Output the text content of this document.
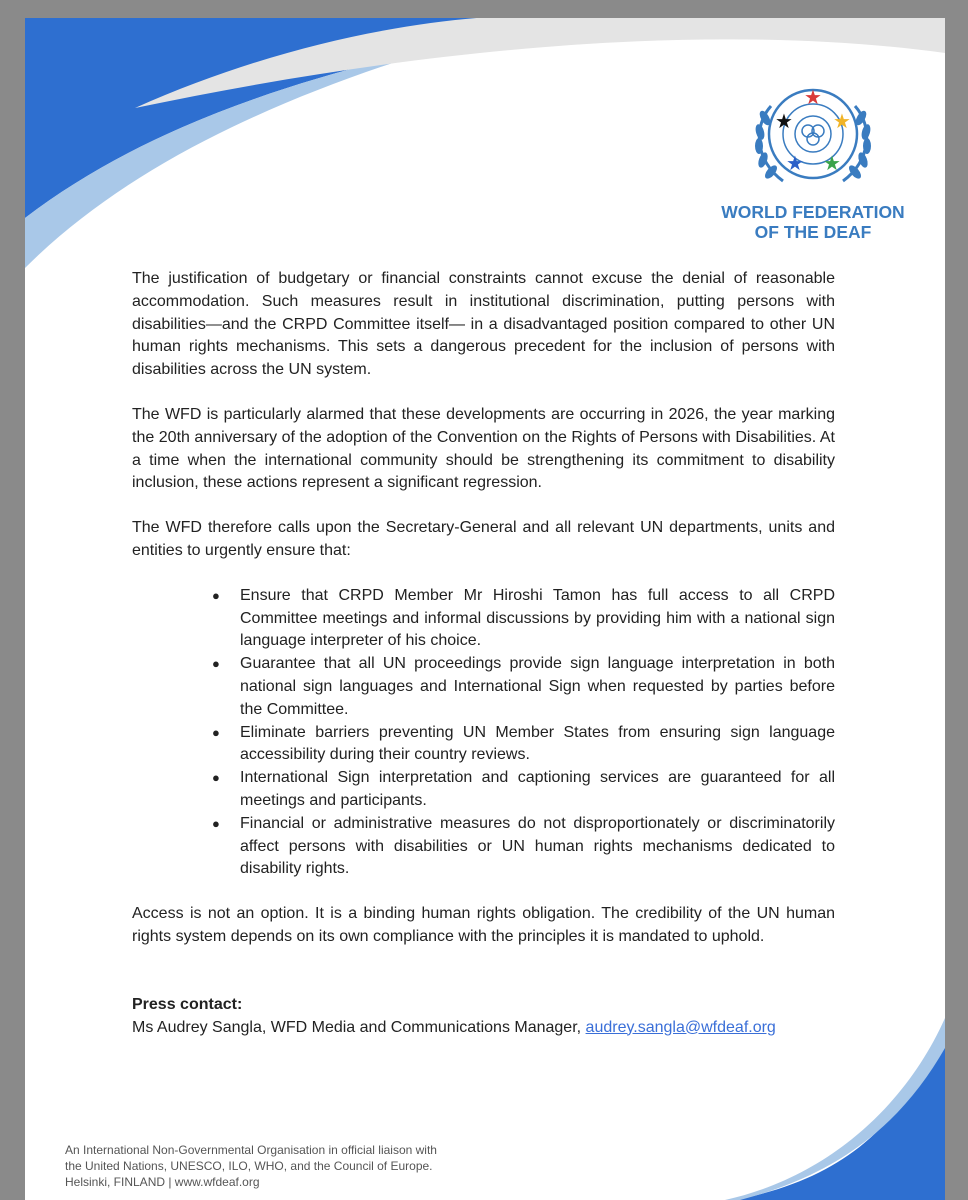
★
★ ★
★ ★
WORLD FEDERATION
OF THE DEAF

The justification of budgetary or financial constraints cannot excuse the denial of reasonable accommodation. Such measures result in institutional discrimination, putting persons with disabilities—and the CRPD Committee itself— in a disadvantaged position compared to other UN human rights mechanisms. This sets a dangerous precedent for the inclusion of persons with disabilities across the UN system.

The WFD is particularly alarmed that these developments are occurring in 2026, the year marking the 20th anniversary of the adoption of the Convention on the Rights of Persons with Disabilities. At a time when the international community should be strengthening its commitment to disability inclusion, these actions represent a significant regression.

The WFD therefore calls upon the Secretary-General and all relevant UN departments, units and entities to urgently ensure that:

● Ensure that CRPD Member Mr Hiroshi Tamon has full access to all CRPD Committee meetings and informal discussions by providing him with a national sign language interpreter of his choice.
● Guarantee that all UN proceedings provide sign language interpretation in both national sign languages and International Sign when requested by parties before the Committee.
● Eliminate barriers preventing UN Member States from ensuring sign language accessibility during their country reviews.
● International Sign interpretation and captioning services are guaranteed for all meetings and participants.
● Financial or administrative measures do not disproportionately or discriminatorily affect persons with disabilities or UN human rights mechanisms dedicated to disability rights.

Access is not an option. It is a binding human rights obligation. The credibility of the UN human rights system depends on its own compliance with the principles it is mandated to uphold.

Press contact:
Ms Audrey Sangla, WFD Media and Communications Manager, audrey.sangla@wfdeaf.org
An International Non-Governmental Organisation in official liaison with
the United Nations, UNESCO, ILO, WHO, and the Council of Europe.
Helsinki, FINLAND | www.wfdeaf.org
